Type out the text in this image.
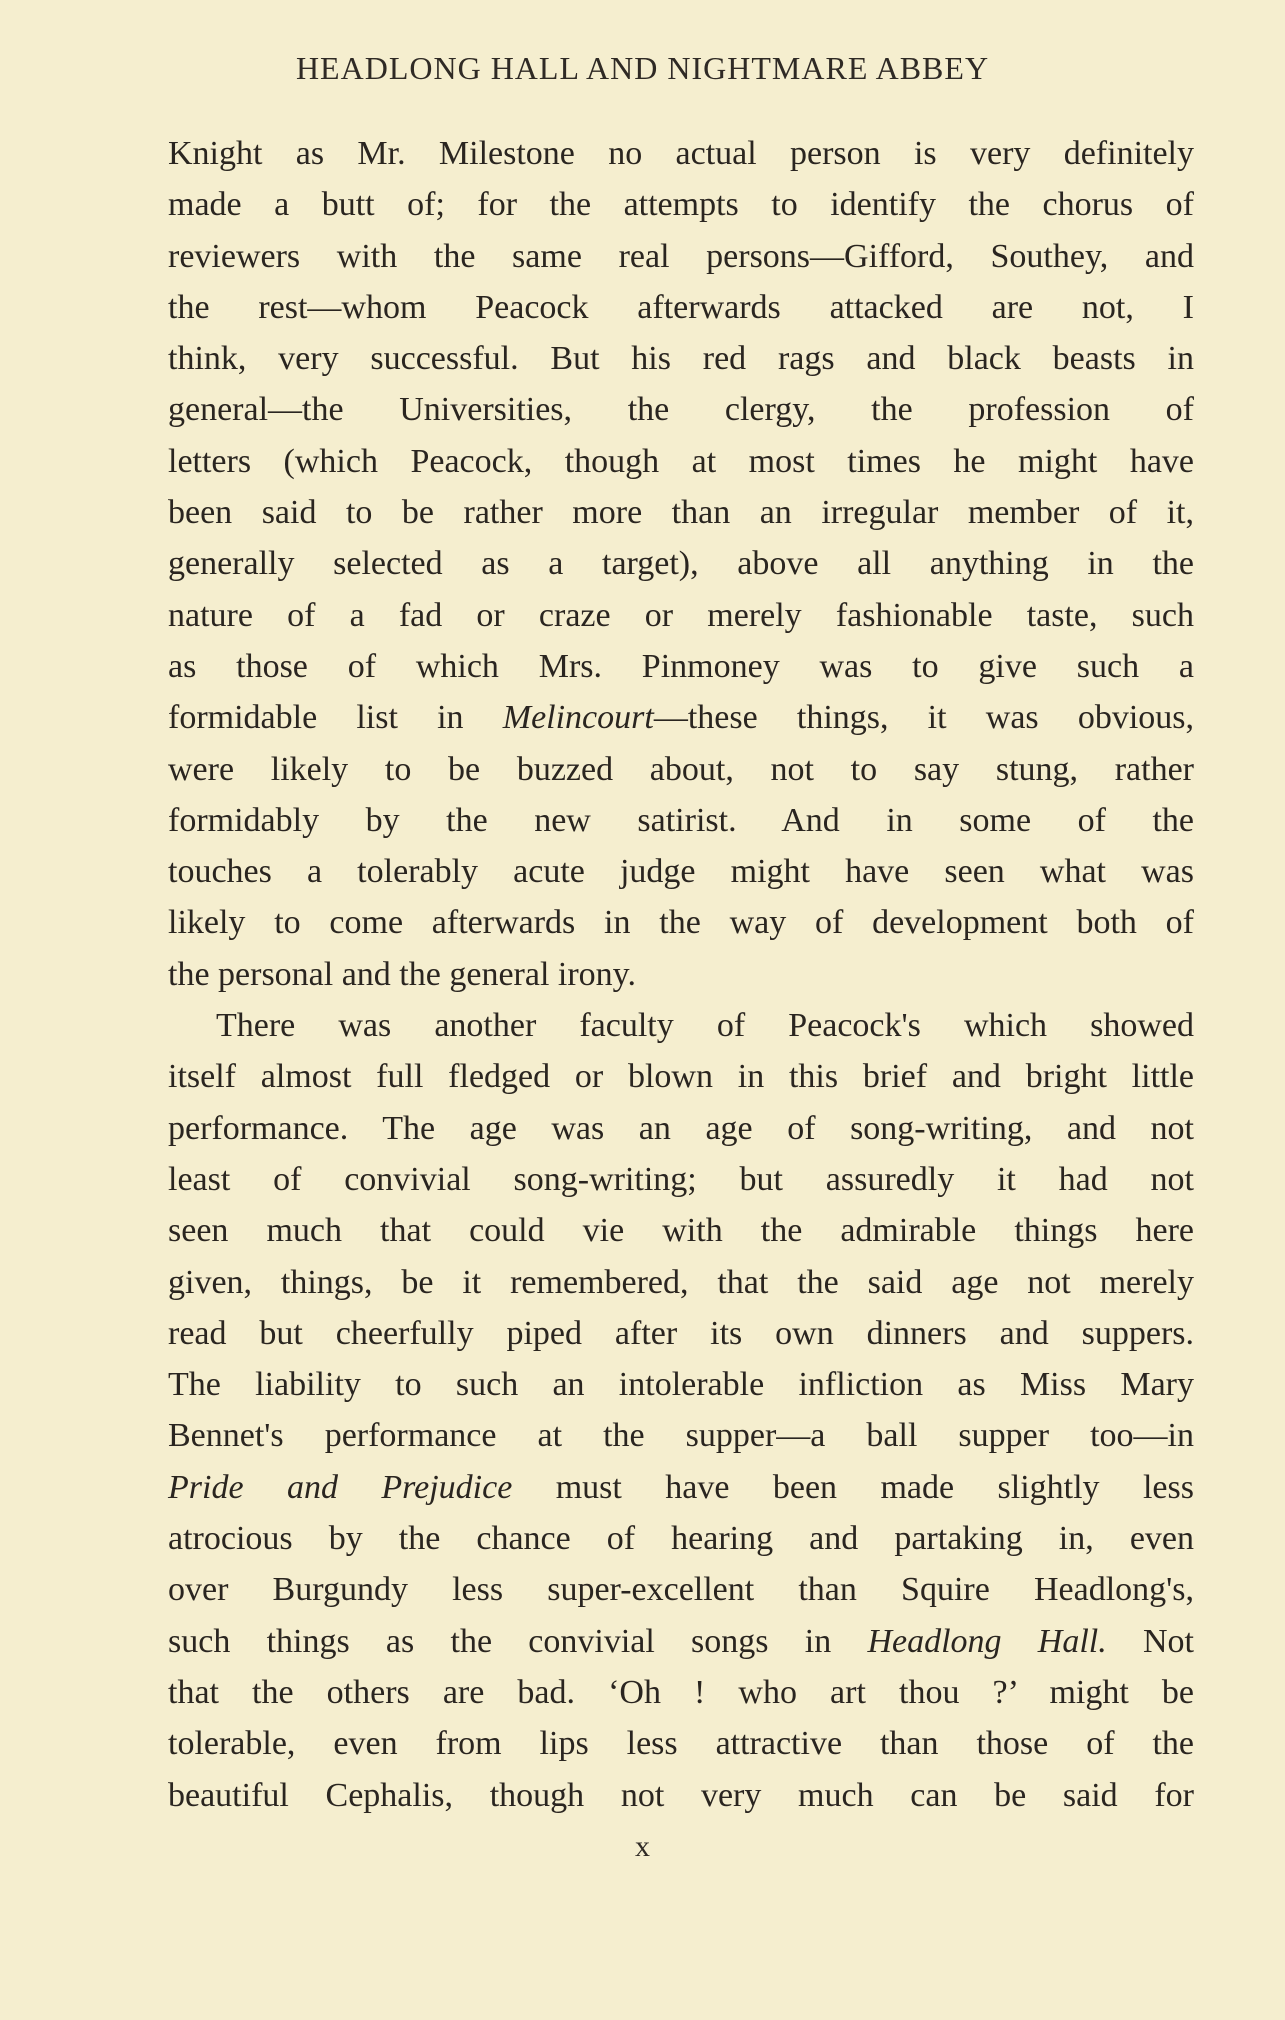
HEADLONG HALL AND NIGHTMARE ABBEY
Knight as Mr. Milestone no actual person is very definitely
made a butt of; for the attempts to identify the chorus of
reviewers with the same real persons—Gifford, Southey, and
the rest—whom Peacock afterwards attacked are not, I
think, very successful. But his red rags and black beasts in
general—the Universities, the clergy, the profession of
letters (which Peacock, though at most times he might have
been said to be rather more than an irregular member of it,
generally selected as a target), above all anything in the
nature of a fad or craze or merely fashionable taste, such
as those of which Mrs. Pinmoney was to give such a
formidable list in Melincourt—these things, it was obvious,
were likely to be buzzed about, not to say stung, rather
formidably by the new satirist. And in some of the
touches a tolerably acute judge might have seen what was
likely to come afterwards in the way of development both of
the personal and the general irony.
There was another faculty of Peacock's which showed
itself almost full fledged or blown in this brief and bright little
performance. The age was an age of song-writing, and not
least of convivial song-writing; but assuredly it had not
seen much that could vie with the admirable things here
given, things, be it remembered, that the said age not merely
read but cheerfully piped after its own dinners and suppers.
The liability to such an intolerable infliction as Miss Mary
Bennet's performance at the supper—a ball supper too—in
Pride and Prejudice must have been made slightly less
atrocious by the chance of hearing and partaking in, even
over Burgundy less super-excellent than Squire Headlong's,
such things as the convivial songs in Headlong Hall. Not
that the others are bad. ‘Oh ! who art thou ?’ might be
tolerable, even from lips less attractive than those of the
beautiful Cephalis, though not very much can be said for
x
